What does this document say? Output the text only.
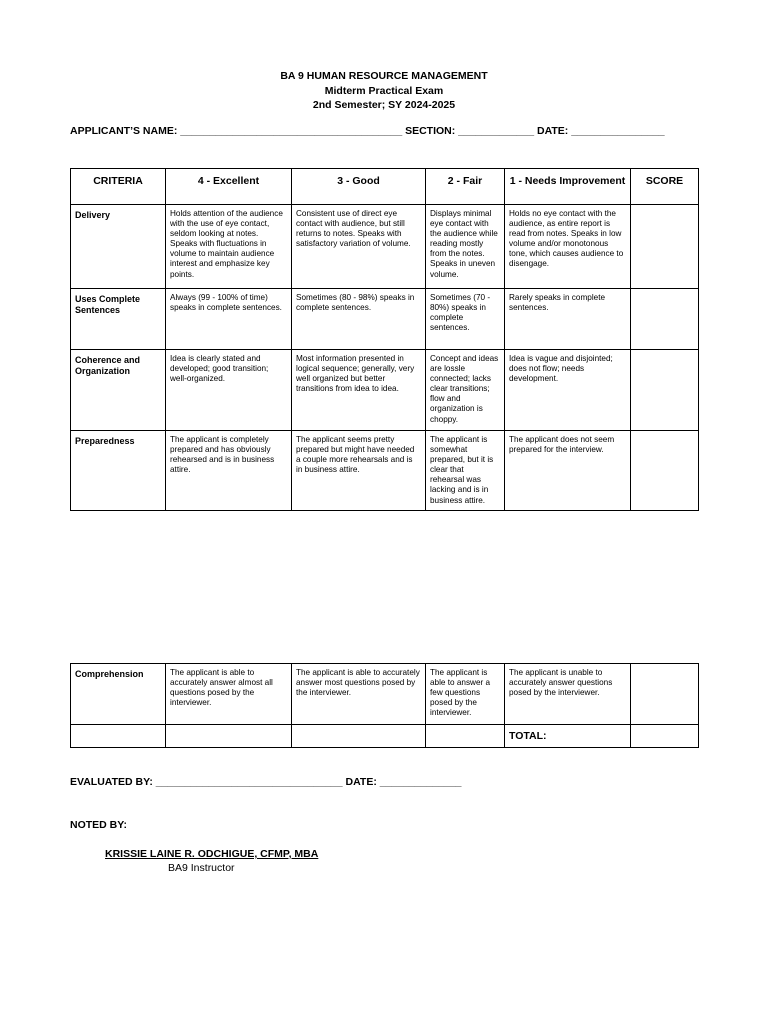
BA 9 HUMAN RESOURCE MANAGEMENT
Midterm Practical Exam
2nd Semester; SY 2024-2025
APPLICANT’S NAME: ______________________________________ SECTION: _____________ DATE: ________________
CRITERIA	4 - Excellent	3 - Good	2 - Fair	1 - Needs Improvement	SCORE
Delivery	Holds attention of the audience with the use of eye contact, seldom looking at notes. Speaks with fluctuations in volume to maintain audience interest and emphasize key points.	Consistent use of direct eye contact with audience, but still returns to notes. Speaks with satisfactory variation of volume.	Displays minimal eye contact with the audience while reading mostly from the notes. Speaks in uneven volume.	Holds no eye contact with the audience, as entire report is read from notes. Speaks in low volume and/or monotonous tone, which causes audience to disengage.	
Uses Complete Sentences	Always (99 - 100% of time) speaks in complete sentences.	Sometimes (80 - 98%) speaks in complete sentences.	Sometimes (70 - 80%) speaks in complete sentences.	Rarely speaks in complete sentences.	
Coherence and Organization	Idea is clearly stated and developed; good transition; well-organized.	Most information presented in logical sequence; generally, very well organized but better transitions from idea to idea.	Concept and ideas are lossle connected; lacks clear transitions; flow and organization is choppy.	Idea is vague and disjointed; does not flow; needs development.	
Preparedness	The applicant is completely prepared and has obviously rehearsed and is in business attire.	The applicant seems pretty prepared but might have needed a couple more rehearsals and is in business attire.	The applicant is somewhat prepared, but it is clear that rehearsal was lacking and is in business attire.	The applicant does not seem prepared for the interview.	
Comprehension	The applicant is able to accurately answer almost all questions posed by the interviewer.	The applicant is able to accurately answer most questions posed by the interviewer.	The applicant is able to answer a few questions posed by the interviewer.	The applicant is unable to accurately answer questions posed by the interviewer.	
				TOTAL:	
EVALUATED BY: ________________________________ DATE: ______________
NOTED BY:
KRISSIE LAINE R. ODCHIGUE, CFMP, MBA
BA9 Instructor
